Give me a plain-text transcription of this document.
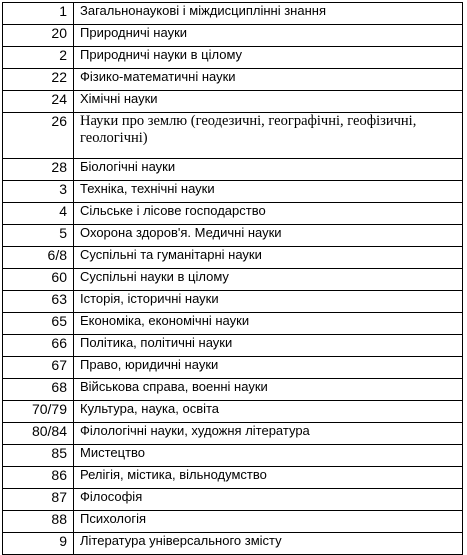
1	Загальнонаукові і міждисциплінні знання
20	Природничі науки
2	Природничі науки в цілому
22	Фізико-математичні науки
24	Хімічні науки
26	Науки про землю (геодезичні, географічні, геофізичні, геологічні)
28	Біологічні науки
3	Техніка, технічні науки
4	Сільське і лісове господарство
5	Охорона здоров'я. Медичні науки
6/8	Суспільні та гуманітарні науки
60	Суспільні науки в цілому
63	Історія, історичні науки
65	Економіка, економічні науки
66	Політика, політичні науки
67	Право, юридичні науки
68	Військова справа, военні науки
70/79	Культура, наука, освіта
80/84	Філологічні науки, художня література
85	Мистецтво
86	Релігія, містика, вільнодумство
87	Філософія
88	Психологія
9	Література універсального змісту
